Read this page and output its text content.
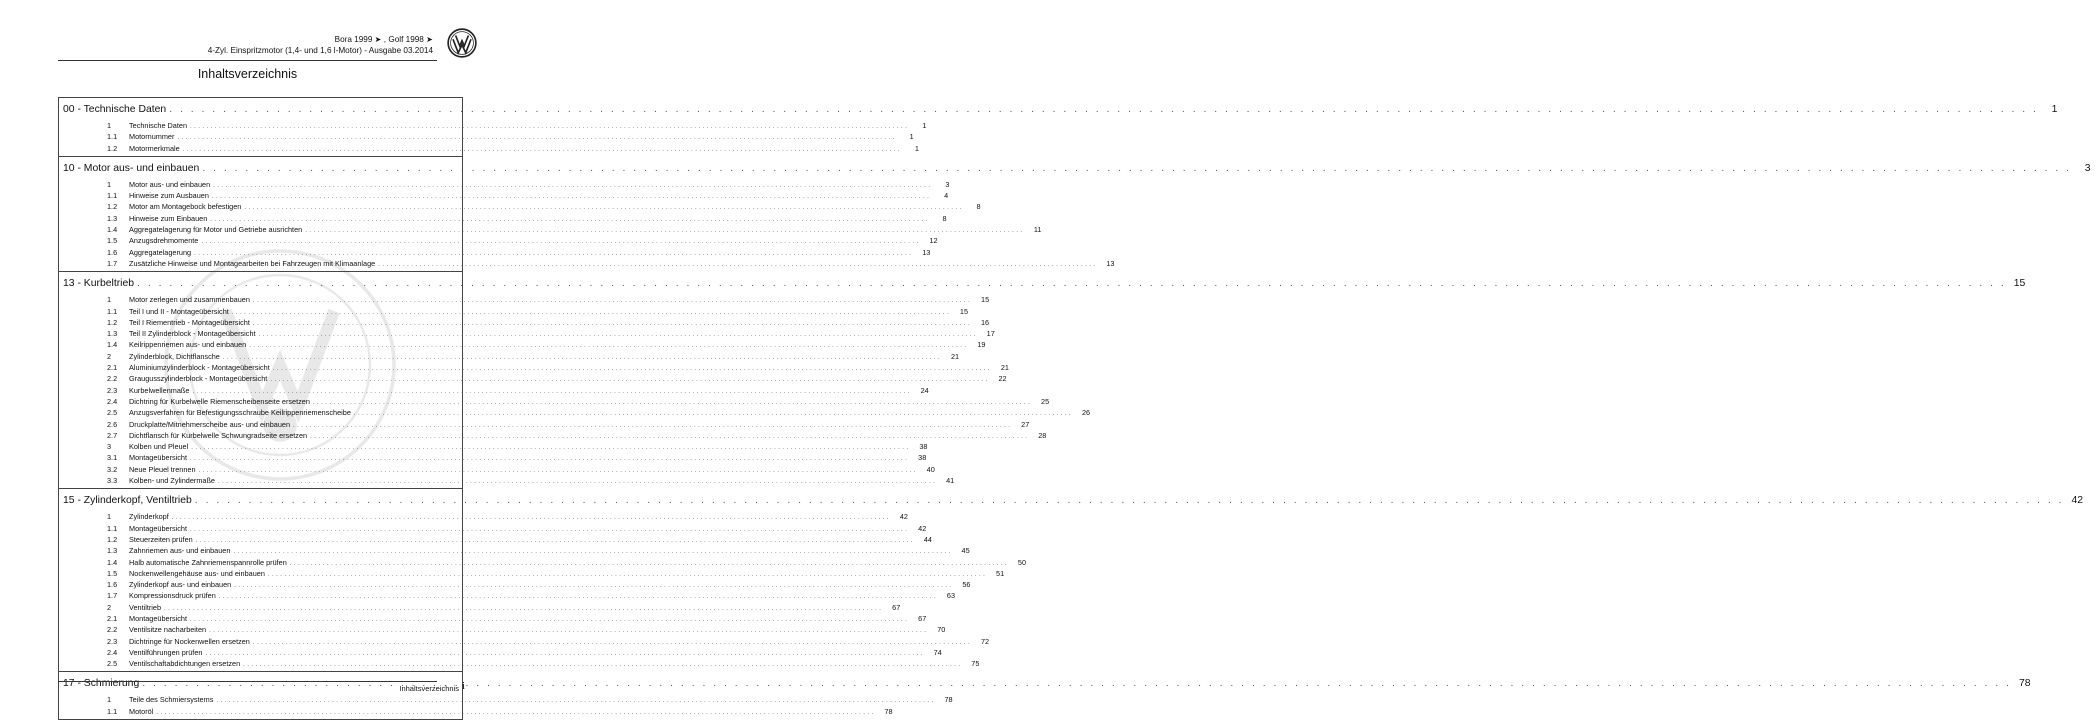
Bora 1999 ➤ , Golf 1998 ➤
4-Zyl. Einspritzmotor (1,4- und 1,6 l-Motor) - Ausgabe 03.2014
Inhaltsverzeichnis
00 - Technische Daten . . .	1
1	Technische Daten . . .	1
1.1	Motornummer . . .	1
1.2	Motormerkmale . . .	1
10 - Motor aus- und einbauen . . .	3
1	Motor aus- und einbauen . . .	3
1.1	Hinweise zum Ausbauen . . .	4
1.2	Motor am Montagebock befestigen . . .	8
1.3	Hinweise zum Einbauen . . .	8
1.4	Aggregatelagerung für Motor und Getriebe ausrichten . . .	11
1.5	Anzugsdrehmomente . . .	12
1.6	Aggregatelagerung . . .	13
1.7	Zusätzliche Hinweise und Montagearbeiten bei Fahrzeugen mit Klimaanlage . . .	13
13 - Kurbeltrieb . . .	15
1	Motor zerlegen und zusammenbauen . . .	15
1.1	Teil I und II - Montageübersicht . . .	15
1.2	Teil I Riementrieb - Montageübersicht . . .	16
1.3	Teil II Zylinderblock - Montageübersicht . . .	17
1.4	Keilrippenriemen aus- und einbauen . . .	19
2	Zylinderblock, Dichtflansche . . .	21
2.1	Aluminiumzylinderblock - Montageübersicht . . .	21
2.2	Graugusszylinderblock - Montageübersicht . . .	22
2.3	Kurbelwellenmaße . . .	24
2.4	Dichtring für Kurbelwelle Riemenscheibenseite ersetzen . . .	25
2.5	Anzugsverfahren für Befestigungsschraube Keilrippenriemenscheibe . . .	26
2.6	Druckplatte/Mitnehmerscheibe aus- und einbauen . . .	27
2.7	Dichtflansch für Kurbelwelle Schwungradseite ersetzen . . .	28
3	Kolben und Pleuel . . .	38
3.1	Montageübersicht . . .	38
3.2	Neue Pleuel trennen . . .	40
3.3	Kolben- und Zylindermaße . . .	41
15 - Zylinderkopf, Ventiltrieb . . .	42
1	Zylinderkopf . . .	42
1.1	Montageübersicht . . .	42
1.2	Steuerzeiten prüfen . . .	44
1.3	Zahnriemen aus- und einbauen . . .	45
1.4	Halb automatische Zahnriemenspannrolle prüfen . . .	50
1.5	Nockenwellengehäuse aus- und einbauen . . .	51
1.6	Zylinderkopf aus- und einbauen . . .	56
1.7	Kompressionsdruck prüfen . . .	63
2	Ventiltrieb . . .	67
2.1	Montageübersicht . . .	67
2.2	Ventilsitze nacharbeiten . . .	70
2.3	Dichtringe für Nockenwellen ersetzen . . .	72
2.4	Ventilführungen prüfen . . .	74
2.5	Ventilschaftabdichtungen ersetzen . . .	75
17 - Schmierung . . .	78
1	Teile des Schmiersystems . . .	78
1.1	Motoröl . . .	78
Inhaltsverzeichnis i
